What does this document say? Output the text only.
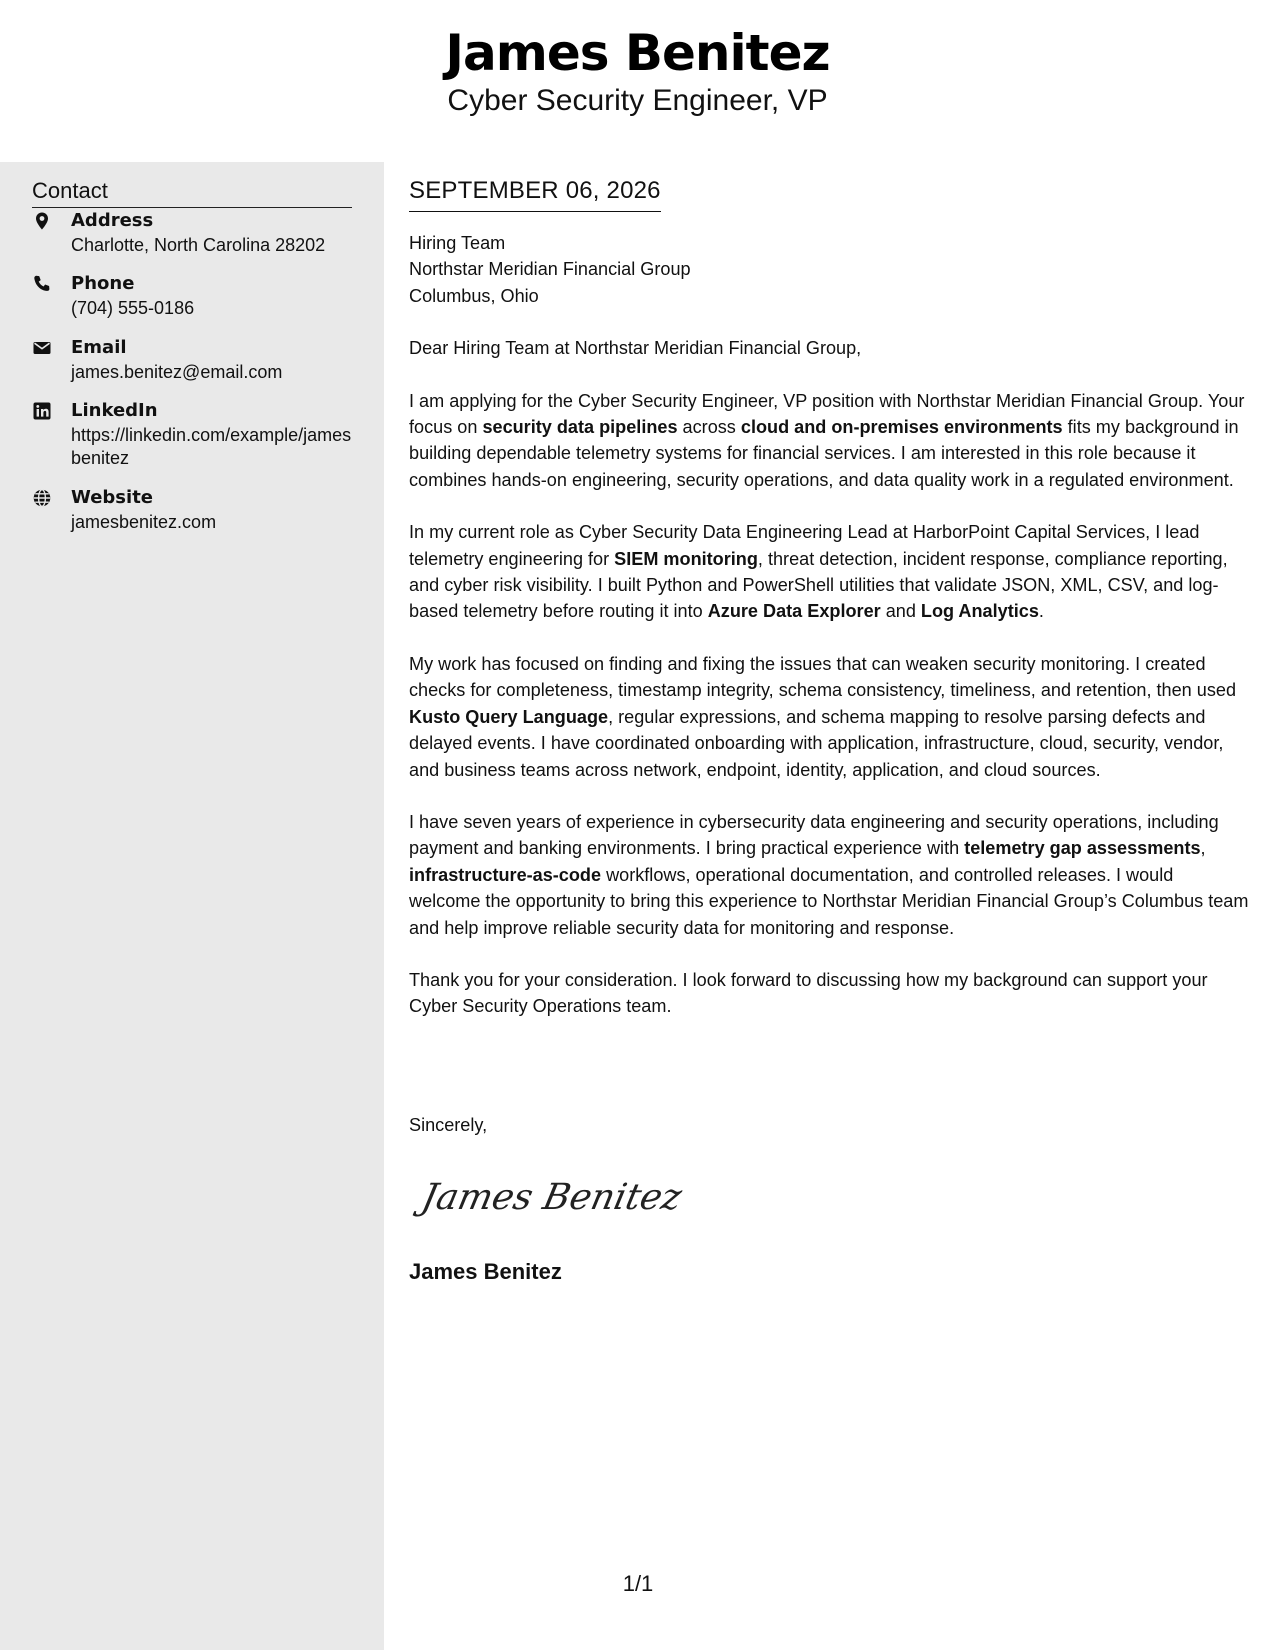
James Benitez
Cyber Security Engineer, VP
Contact
Address
Charlotte, North Carolina 28202
Phone
(704) 555-0186
Email
james.benitez@email.com
LinkedIn
https://linkedin.com/example/jamesbenitez
Website
jamesbenitez.com
SEPTEMBER 06, 2026

Hiring Team

Northstar Meridian Financial Group

Columbus, Ohio

Dear Hiring Team at Northstar Meridian Financial Group,

I am applying for the Cyber Security Engineer, VP position with Northstar Meridian Financial Group. Your focus on security data pipelines across cloud and on-premises environments fits my background in building dependable telemetry systems for financial services. I am interested in this role because it combines hands-on engineering, security operations, and data quality work in a regulated environment.

In my current role as Cyber Security Data Engineering Lead at HarborPoint Capital Services, I lead telemetry engineering for SIEM monitoring, threat detection, incident response, compliance reporting, and cyber risk visibility. I built Python and PowerShell utilities that validate JSON, XML, CSV, and log-based telemetry before routing it into Azure Data Explorer and Log Analytics.

My work has focused on finding and fixing the issues that can weaken security monitoring. I created checks for completeness, timestamp integrity, schema consistency, timeliness, and retention, then used Kusto Query Language, regular expressions, and schema mapping to resolve parsing defects and delayed events. I have coordinated onboarding with application, infrastructure, cloud, security, vendor, and business teams across network, endpoint, identity, application, and cloud sources.

I have seven years of experience in cybersecurity data engineering and security operations, including payment and banking environments. I bring practical experience with telemetry gap assessments, infrastructure-as-code workflows, operational documentation, and controlled releases. I would welcome the opportunity to bring this experience to Northstar Meridian Financial Group’s Columbus team and help improve reliable security data for monitoring and response.

Thank you for your consideration. I look forward to discussing how my background can support your Cyber Security Operations team.

Sincerely,
James Benitez
James Benitez
1/1
